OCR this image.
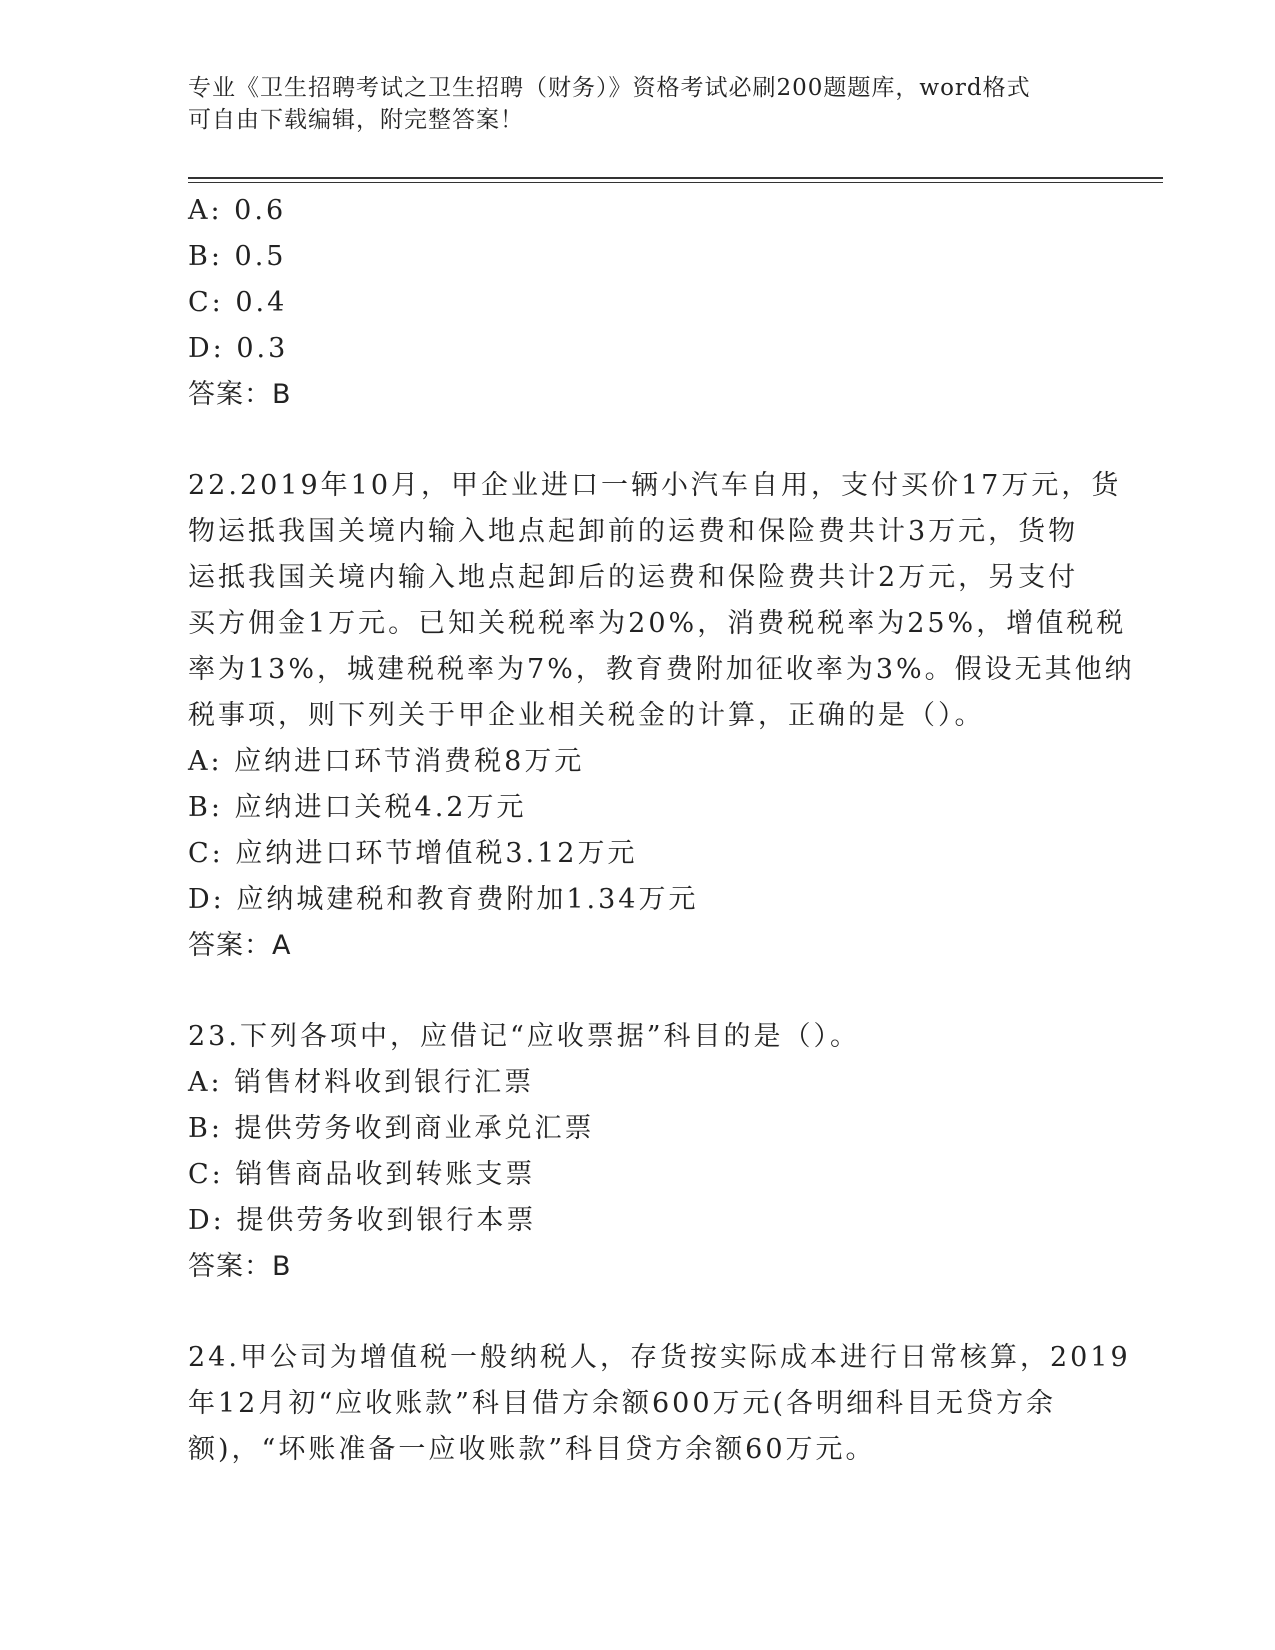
专业《卫生招聘考试之卫生招聘（财务）》资格考试必刷200题题库，word格式
可自由下载编辑，附完整答案！
A: 0.6
B: 0.5
C: 0.4
D: 0.3
答案：B
22.2019年10月，甲企业进口一辆小汽车自用，支付买价17万元，货
物运抵我国关境内输入地点起卸前的运费和保险费共计3万元，货物
运抵我国关境内输入地点起卸后的运费和保险费共计2万元，另支付
买方佣金1万元。已知关税税率为20%，消费税税率为25%，增值税税
率为13%，城建税税率为7%，教育费附加征收率为3%。假设无其他纳
税事项，则下列关于甲企业相关税金的计算，正确的是（）。
A: 应纳进口环节消费税8万元
B: 应纳进口关税4.2万元
C: 应纳进口环节增值税3.12万元
D: 应纳城建税和教育费附加1.34万元
答案：A
23.下列各项中，应借记“应收票据”科目的是（）。
A: 销售材料收到银行汇票
B: 提供劳务收到商业承兑汇票
C: 销售商品收到转账支票
D: 提供劳务收到银行本票
答案：B
24.甲公司为增值税一般纳税人，存货按实际成本进行日常核算，2019
年12月初“应收账款”科目借方余额600万元(各明细科目无贷方余
额)，“坏账准备一应收账款”科目贷方余额60万元。
